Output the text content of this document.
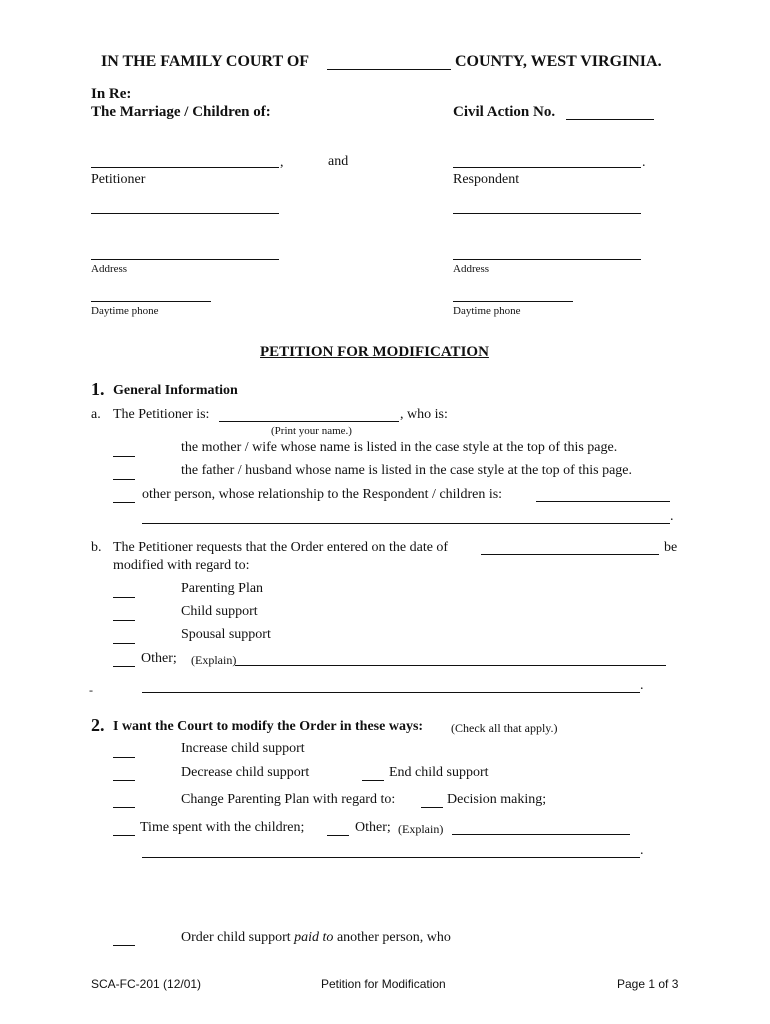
IN THE FAMILY COURT OF	COUNTY, WEST VIRGINIA.
In Re:
The Marriage / Children of:	Civil Action No.
,	and	.
Petitioner	Respondent
Address	Address
Daytime phone	Daytime phone
PETITION FOR MODIFICATION
1. General Information
a. The Petitioner is:	, who is:
(Print your name.)
the mother / wife whose name is listed in the case style at the top of this page.
the father / husband whose name is listed in the case style at the top of this page.
other person, whose relationship to the Respondent / children is:
.
b. The Petitioner requests that the Order entered on the date of	be
modified with regard to:
Parenting Plan
Child support
Spousal support
Other; (Explain)
-	.
2. I want the Court to modify the Order in these ways: (Check all that apply.)
Increase child support
Decrease child support	End child support
Change Parenting Plan with regard to:	Decision making;
Time spent with the children;	Other; (Explain)
.
Order child support paid to another person, who
SCA-FC-201 (12/01)	Petition for Modification	Page 1 of 3
